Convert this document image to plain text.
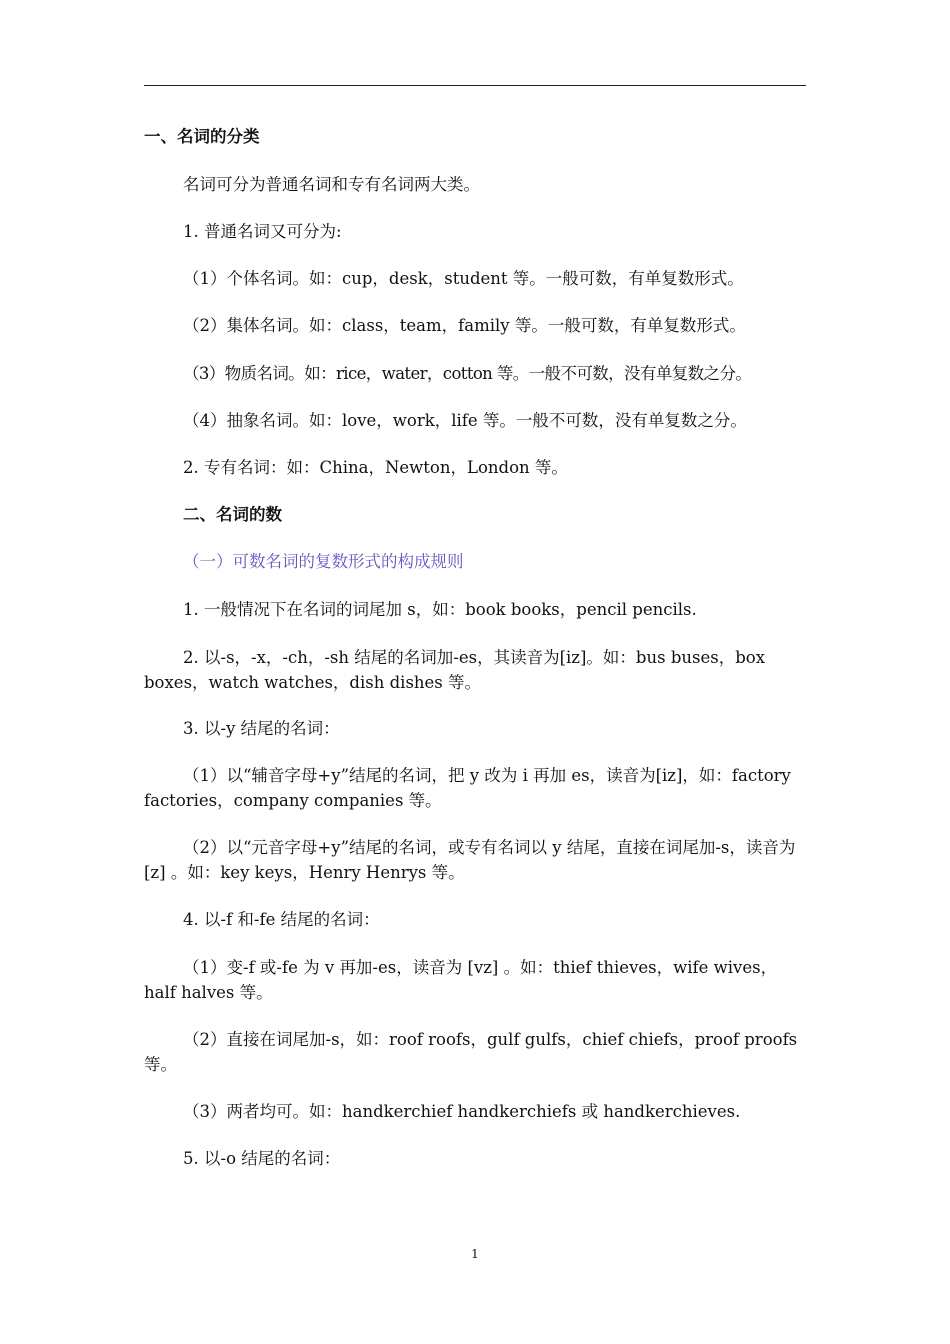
一、名词的分类
名词可分为普通名词和专有名词两大类。
1. 普通名词又可分为:
（1）个体名词。如：cup，desk，student 等。一般可数，有单复数形式。
（2）集体名词。如：class，team，family 等。一般可数，有单复数形式。
（3）物质名词。如：rice，water，cotton 等。一般不可数，没有单复数之分。
（4）抽象名词。如：love，work，life 等。一般不可数，没有单复数之分。
2. 专有名词：如：China，Newton，London 等。
二、名词的数
（一）可数名词的复数形式的构成规则
1. 一般情况下在名词的词尾加 s，如：book books，pencil pencils.
2. 以-s，-x，-ch，-sh 结尾的名词加-es，其读音为[iz]。如：bus buses，box boxes，watch watches，dish dishes 等。
3. 以-y 结尾的名词：
（1）以“辅音字母+y”结尾的名词，把 y 改为 i 再加 es，读音为[iz]，如：factory factories，company companies 等。
（2）以“元音字母+y”结尾的名词，或专有名词以 y 结尾，直接在词尾加-s，读音为 [z] 。如：key keys，Henry Henrys 等。
4. 以-f 和-fe 结尾的名词：
（1）变-f 或-fe 为 v 再加-es，读音为 [vz] 。如：thief thieves，wife wives，half halves 等。
（2）直接在词尾加-s，如：roof roofs，gulf gulfs，chief chiefs，proof proofs 等。
（3）两者均可。如：handkerchief handkerchiefs 或 handkerchieves.
5. 以-o 结尾的名词：
1
